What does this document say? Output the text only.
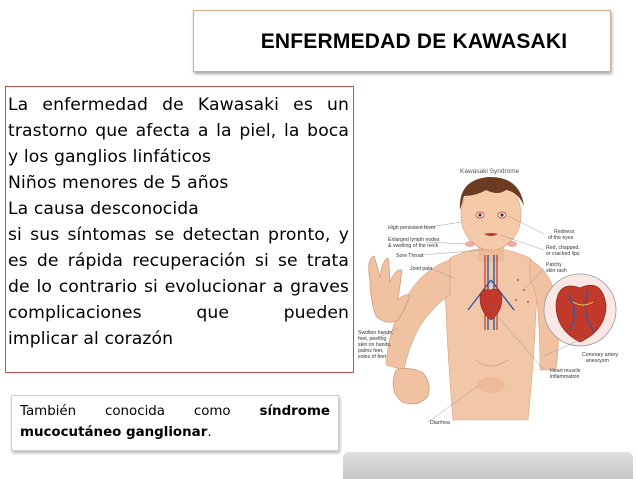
ENFERMEDAD DE KAWASAKI

La enfermedad de Kawasaki es un trastorno que afecta a la piel, la boca y los ganglios linfáticos

Niños menores de 5 años

La causa desconocida

si sus síntomas se detectan pronto, y es de rápida recuperación si se trata de lo contrario si evolucionar a graves complicaciones que pueden

implicar al corazón

También conocida como síndrome
mucocutáneo ganglionar.
Kawasaki Syndrome
High persistent fever
Enlarged lymph nodes
& swelling of the neck
Sore Throat
Joint pain
Swollen hands,
feet, peeling
skin on hands,
palms feet,
soles of feet
Redness
of the eyes
Red, chapped,
or cracked lips
Patchy
skin rash
Coronary artery
aneurysm
Heart muscle
inflammation
Diarrhea
